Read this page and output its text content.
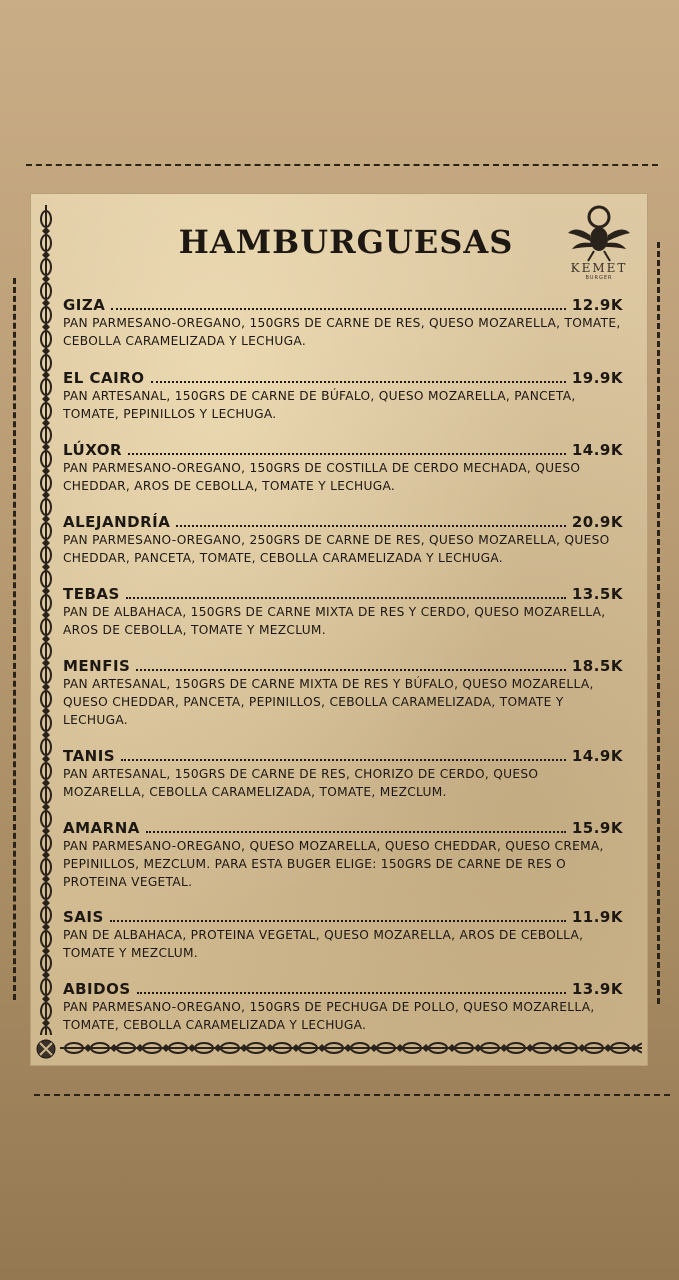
HAMBURGUESAS
KEMET
BURGER
GIZA	12.9K
PAN PARMESANO-OREGANO, 150GRS DE CARNE DE RES, QUESO MOZARELLA, TOMATE, CEBOLLA CARAMELIZADA Y LECHUGA.
EL CAIRO	19.9K
PAN ARTESANAL, 150GRS DE CARNE DE BÚFALO, QUESO MOZARELLA, PANCETA, TOMATE, PEPINILLOS Y LECHUGA.
LÚXOR	14.9K
PAN PARMESANO-OREGANO, 150GRS DE COSTILLA DE CERDO MECHADA, QUESO CHEDDAR, AROS DE CEBOLLA, TOMATE Y LECHUGA.
ALEJANDRÍA	20.9K
PAN PARMESANO-OREGANO, 250GRS DE CARNE DE RES, QUESO MOZARELLA, QUESO CHEDDAR, PANCETA, TOMATE, CEBOLLA CARAMELIZADA Y LECHUGA.
TEBAS	13.5K
PAN DE ALBAHACA, 150GRS DE CARNE MIXTA DE RES Y CERDO, QUESO MOZARELLA, AROS DE CEBOLLA, TOMATE Y MEZCLUM.
MENFIS	18.5K
PAN ARTESANAL, 150GRS DE CARNE MIXTA DE RES Y BÚFALO, QUESO MOZARELLA, QUESO CHEDDAR, PANCETA, PEPINILLOS, CEBOLLA CARAMELIZADA, TOMATE Y LECHUGA.
TANIS	14.9K
PAN ARTESANAL, 150GRS DE CARNE DE RES, CHORIZO DE CERDO, QUESO MOZARELLA, CEBOLLA CARAMELIZADA, TOMATE, MEZCLUM.
AMARNA	15.9K
PAN PARMESANO-OREGANO, QUESO MOZARELLA, QUESO CHEDDAR, QUESO CREMA, PEPINILLOS, MEZCLUM. PARA ESTA BUGER ELIGE: 150GRS DE CARNE DE RES O PROTEINA VEGETAL.
SAIS	11.9K
PAN DE ALBAHACA, PROTEINA VEGETAL, QUESO MOZARELLA, AROS DE CEBOLLA, TOMATE Y MEZCLUM.
ABIDOS	13.9K
PAN PARMESANO-OREGANO, 150GRS DE PECHUGA DE POLLO, QUESO MOZARELLA, TOMATE, CEBOLLA CARAMELIZADA Y LECHUGA.
